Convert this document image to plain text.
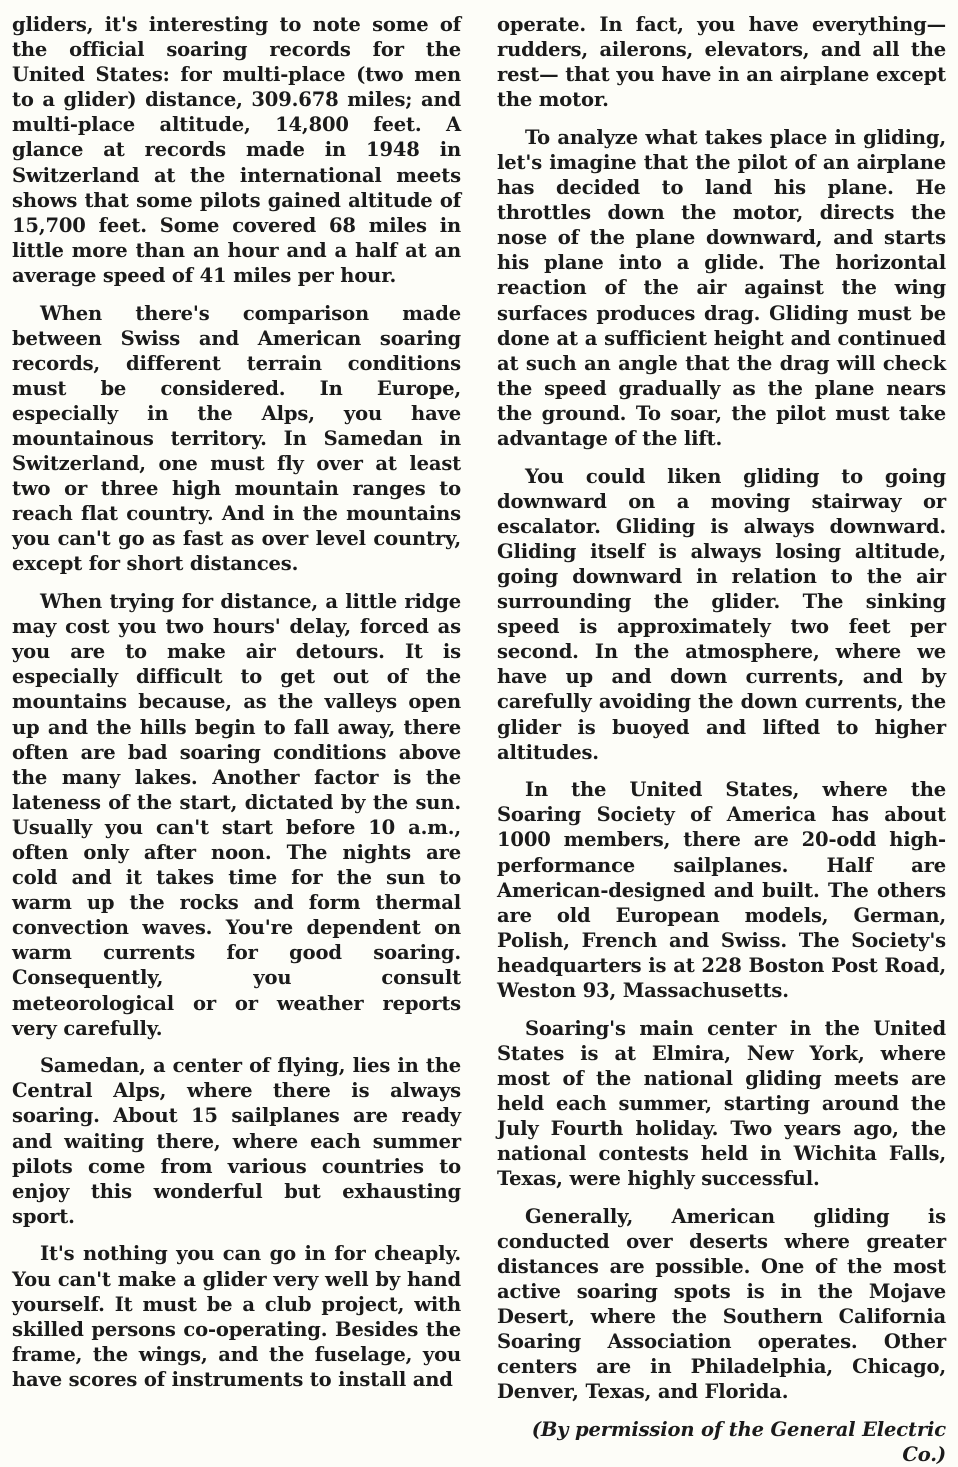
gliders, it's interesting to note some of the official soaring records for the United States: for multi-place (two men to a glider) distance, 309.678 miles; and multi-place altitude, 14,800 feet. A glance at records made in 1948 in Switzerland at the international meets shows that some pilots gained altitude of 15,700 feet. Some covered 68 miles in little more than an hour and a half at an average speed of 41 miles per hour.

When there's comparison made between Swiss and American soaring records, different terrain conditions must be considered. In Europe, especially in the Alps, you have mountainous territory. In Samedan in Switzerland, one must fly over at least two or three high mountain ranges to reach flat country. And in the mountains you can't go as fast as over level country, except for short distances.

When trying for distance, a little ridge may cost you two hours' delay, forced as you are to make air detours. It is especially difficult to get out of the mountains because, as the valleys open up and the hills begin to fall away, there often are bad soaring conditions above the many lakes. Another factor is the lateness of the start, dictated by the sun. Usually you can't start before 10 a.m., often only after noon. The nights are cold and it takes time for the sun to warm up the rocks and form thermal convection waves. You're dependent on warm currents for good soaring. Consequently, you consult meteorological or or weather reports very carefully.

Samedan, a center of flying, lies in the Central Alps, where there is always soaring. About 15 sailplanes are ready and waiting there, where each summer pilots come from various countries to enjoy this wonderful but exhausting sport.

It's nothing you can go in for cheaply. You can't make a glider very well by hand yourself. It must be a club project, with skilled persons co-operating. Besides the frame, the wings, and the fuselage, you have scores of instruments to install and

operate. In fact, you have everything— rudders, ailerons, elevators, and all the rest— that you have in an airplane except the motor.

To analyze what takes place in gliding, let's imagine that the pilot of an airplane has decided to land his plane. He throttles down the motor, directs the nose of the plane downward, and starts his plane into a glide. The horizontal reaction of the air against the wing surfaces produces drag. Gliding must be done at a sufficient height and continued at such an angle that the drag will check the speed gradually as the plane nears the ground. To soar, the pilot must take advantage of the lift.

You could liken gliding to going downward on a moving stairway or escalator. Gliding is always downward. Gliding itself is always losing altitude, going downward in relation to the air surrounding the glider. The sinking speed is approximately two feet per second. In the atmosphere, where we have up and down currents, and by carefully avoiding the down currents, the glider is buoyed and lifted to higher altitudes.

In the United States, where the Soaring Society of America has about 1000 members, there are 20-odd high-performance sailplanes. Half are American-designed and built. The others are old European models, German, Polish, French and Swiss. The Society's headquarters is at 228 Boston Post Road, Weston 93, Massachusetts.

Soaring's main center in the United States is at Elmira, New York, where most of the national gliding meets are held each summer, starting around the July Fourth holiday. Two years ago, the national contests held in Wichita Falls, Texas, were highly successful.

Generally, American gliding is conducted over deserts where greater distances are possible. One of the most active soaring spots is in the Mojave Desert, where the Southern California Soaring Association operates. Other centers are in Philadelphia, Chicago, Denver, Texas, and Florida.

(By permission of the General Electric Co.)
